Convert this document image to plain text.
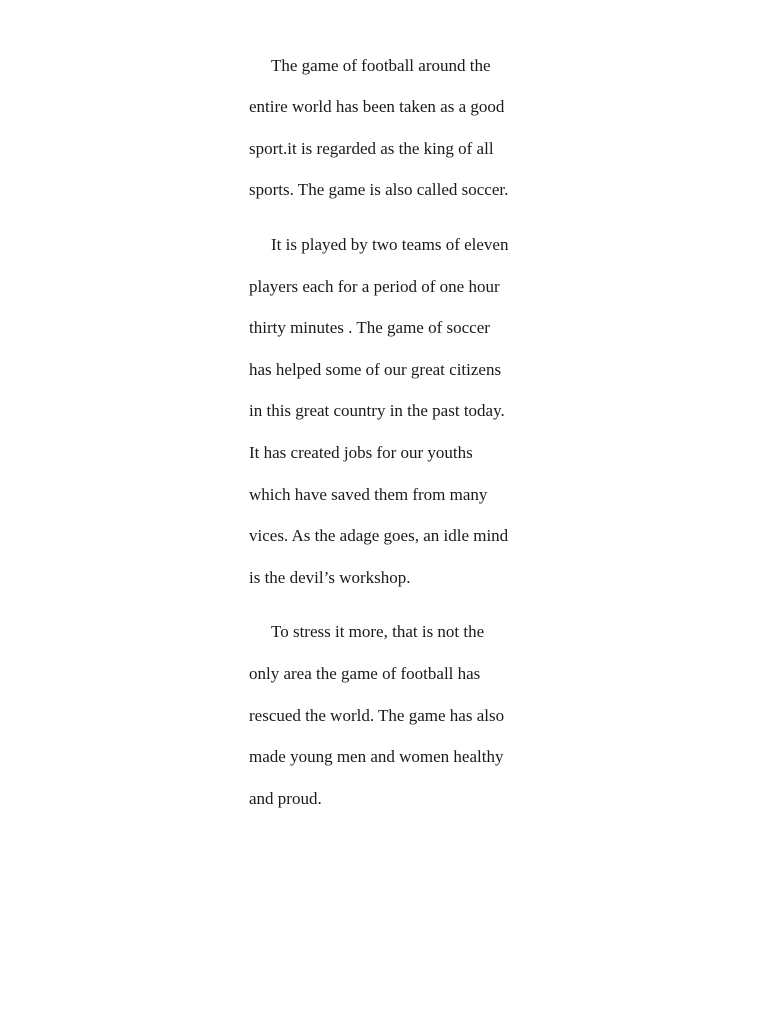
The game of football around the
entire world has been taken as a good
sport.it is regarded as the king of all
sports. The game is also called soccer.
It is played by two teams of eleven
players each for a period of one hour
thirty minutes . The game of soccer
has helped some of our great citizens
in this great country in the past today.
It has created jobs for our youths
which have saved them from many
vices. As the adage goes, an idle mind
is the devil’s workshop.
To stress it more, that is not the
only area the game of football has
rescued the world. The game has also
made young men and women healthy
and proud.
